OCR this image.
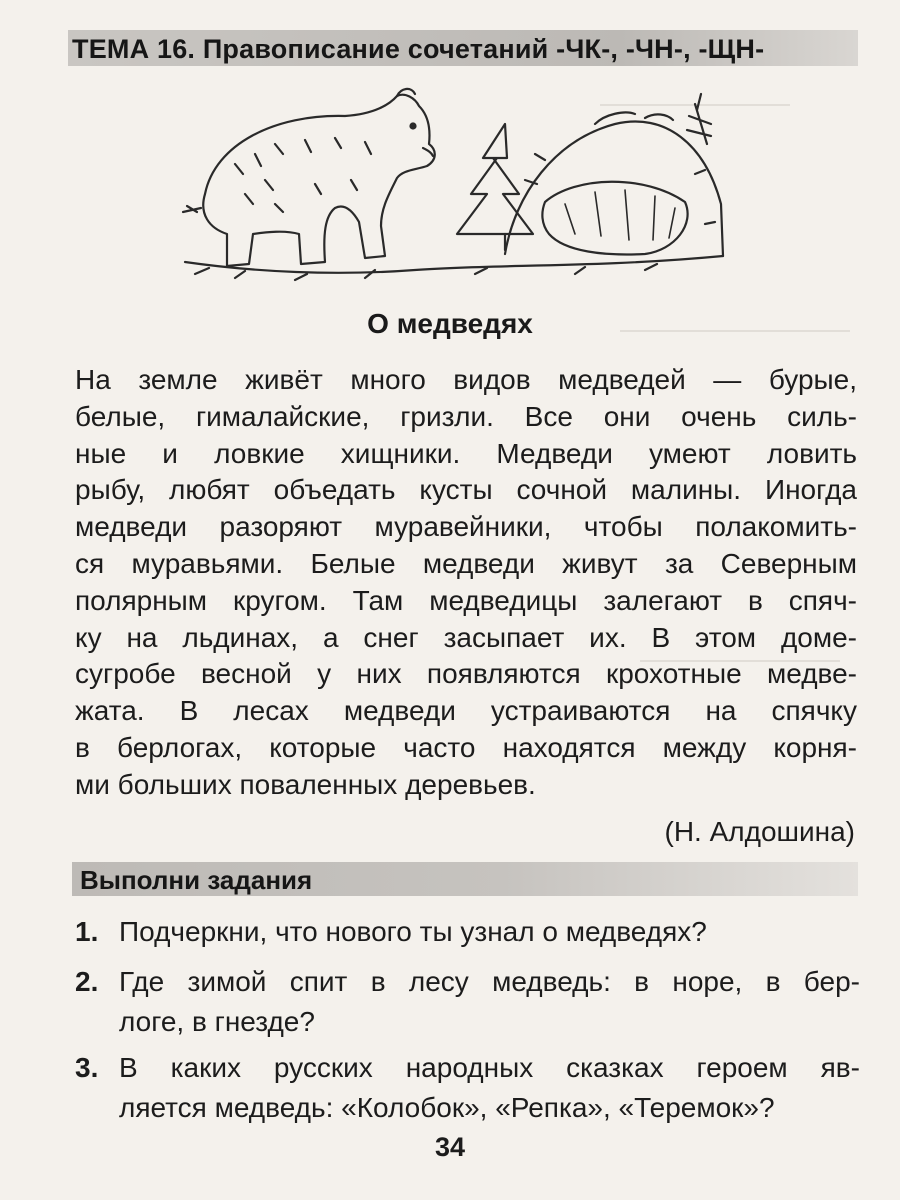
ТЕМА 16. Правописание сочетаний -ЧК-, -ЧН-, -ЩН-
О медведях
На земле живёт много видов медведей — бурые,
белые, гималайские, гризли. Все они очень силь-
ные и ловкие хищники. Медведи умеют ловить
рыбу, любят объедать кусты сочной малины. Иногда
медведи разоряют муравейники, чтобы полакомить-
ся муравьями. Белые медведи живут за Северным
полярным кругом. Там медведицы залегают в спяч-
ку на льдинах, а снег засыпает их. В этом доме-
сугробе весной у них появляются крохотные медве-
жата. В лесах медведи устраиваются на спячку
в берлогах, которые часто находятся между корня-
ми больших поваленных деревьев.
(Н. Алдошина)
Выполни задания
1. Подчеркни, что нового ты узнал о медведях?
2. Где зимой спит в лесу медведь: в норе, в бер-
логе, в гнезде?
3. В каких русских народных сказках героем яв-
ляется медведь: «Колобок», «Репка», «Теремок»?
34
